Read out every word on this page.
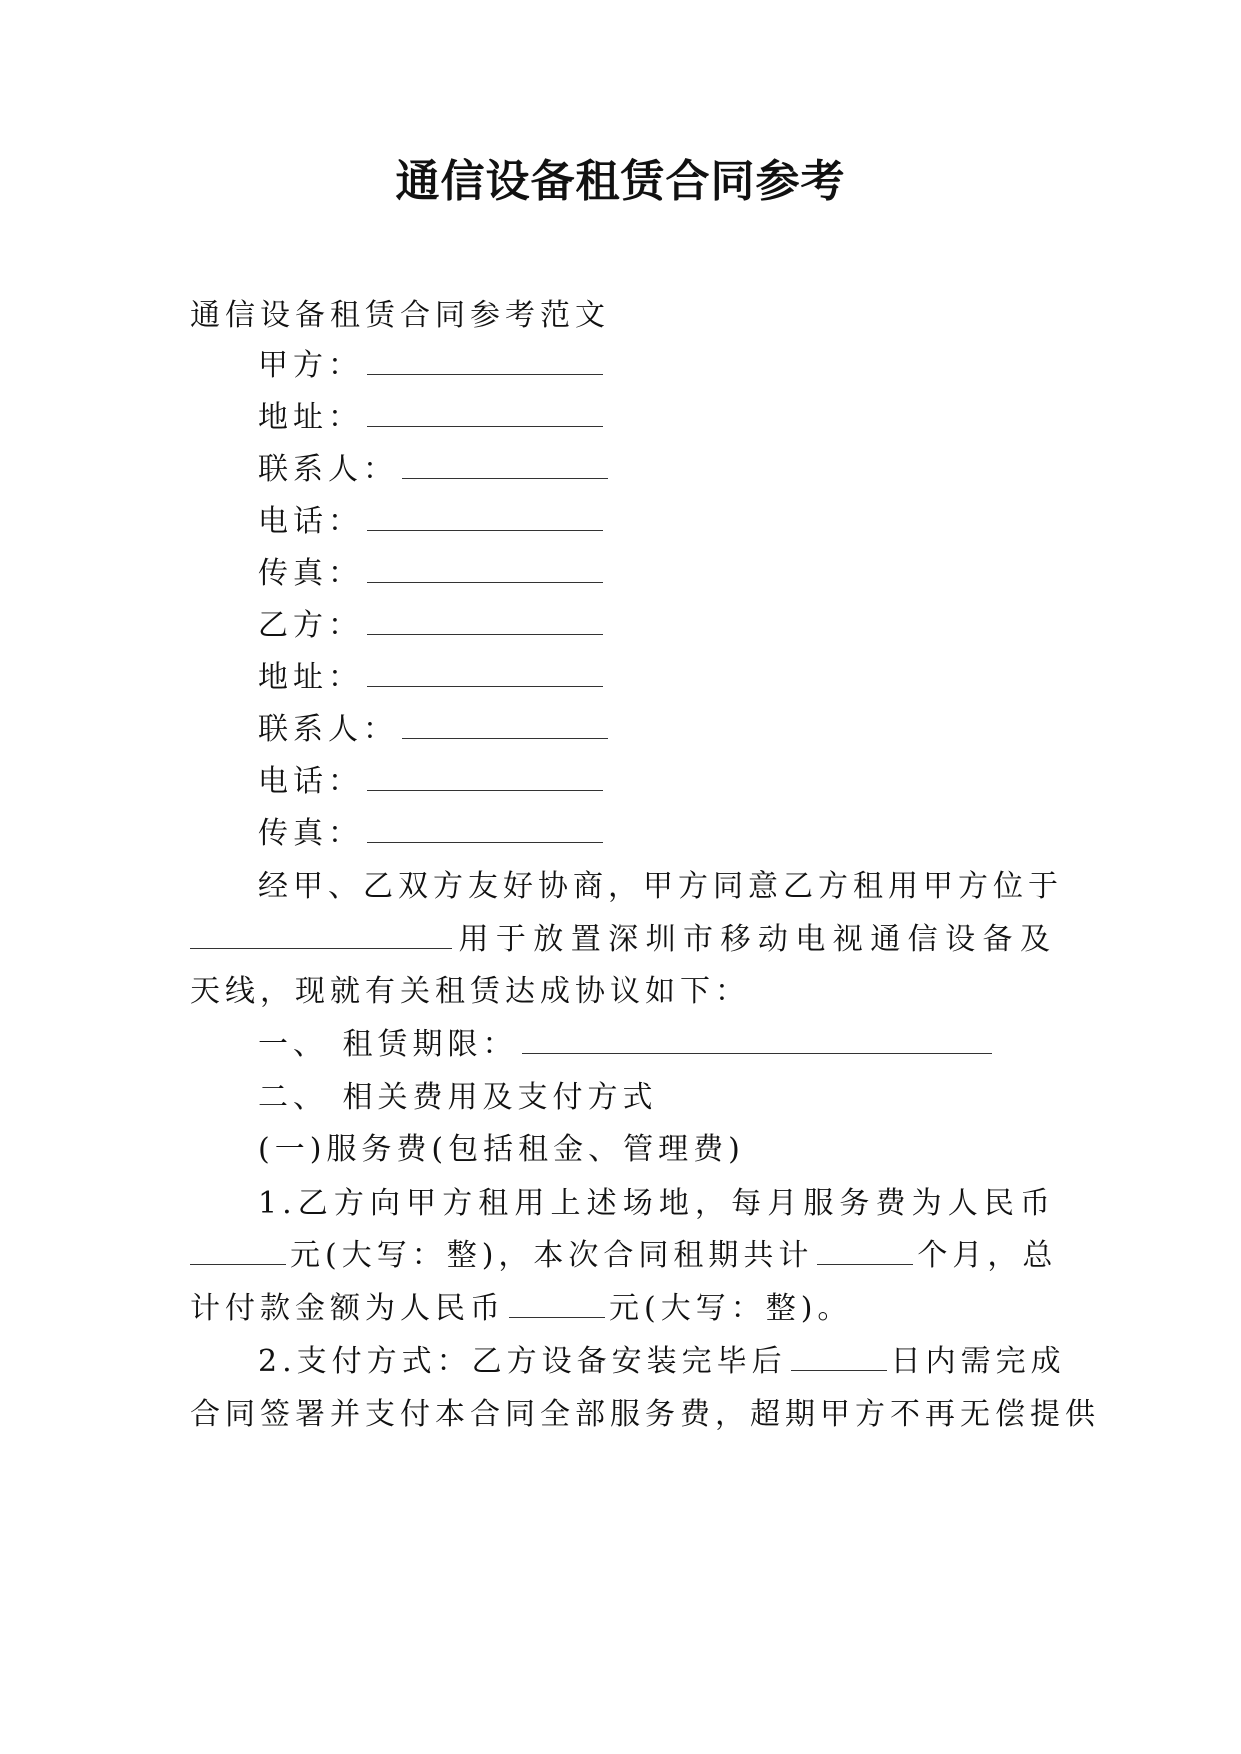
通信设备租赁合同参考
通信设备租赁合同参考范文
甲方：
地址：
联系人：
电话：
传真：
乙方：
地址：
联系人：
电话：
传真：
经甲、乙双方友好协商，甲方同意乙方租用甲方位于
用于放置深圳市移动电视通信设备及
天线，现就有关租赁达成协议如下：
一、 租赁期限：
二、 相关费用及支付方式
(一)服务费(包括租金、管理费)
1.乙方向甲方租用上述场地，每月服务费为人民币
元(大写：整)，本次合同租期共计	个月，总
计付款金额为人民币	元(大写：整)。
2.支付方式：乙方设备安装完毕后	日内需完成
合同签署并支付本合同全部服务费，超期甲方不再无偿提供
